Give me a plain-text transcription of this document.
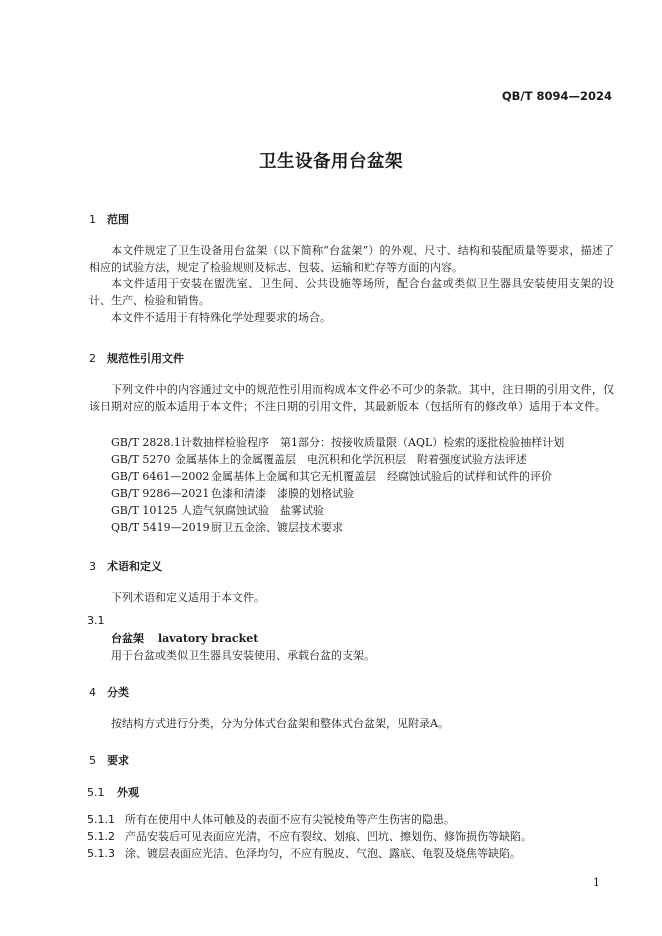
QB/T 8094—2024

卫生设备用台盆架
1 范围

本文件规定了卫生设备用台盆架（以下简称“台盆架”）的外观、尺寸、结构和装配质量等要求，描述了相应的试验方法，规定了检验规则及标志、包装、运输和贮存等方面的内容。

本文件适用于安装在盥洗室、卫生间、公共设施等场所，配合台盆或类似卫生器具安装使用支架的设计、生产、检验和销售。

本文件不适用于有特殊化学处理要求的场合。

2 规范性引用文件

下列文件中的内容通过文中的规范性引用而构成本文件必不可少的条款。其中，注日期的引用文件，仅该日期对应的版本适用于本文件；不注日期的引用文件，其最新版本（包括所有的修改单）适用于本文件。

GB/T 2828.1计数抽样检验程序　第1部分：按接收质量限（AQL）检索的逐批检验抽样计划
GB/T 5270 金属基体上的金属覆盖层　电沉积和化学沉积层　附着强度试验方法评述
GB/T 6461—2002 金属基体上金属和其它无机覆盖层　经腐蚀试验后的试样和试件的评价
GB/T 9286—2021 色漆和清漆　漆膜的划格试验
GB/T 10125 人造气氛腐蚀试验　盐雾试验
QB/T 5419—2019厨卫五金涂、镀层技术要求
3 术语和定义

下列术语和定义适用于本文件。

3.1
台盆架 lavatory bracket
用于台盆或类似卫生器具安装使用、承载台盆的支架。
4 分类

按结构方式进行分类，分为分体式台盆架和整体式台盆架，见附录A。

5 要求
5.1 外观
5.1.1 所有在使用中人体可触及的表面不应有尖锐棱角等产生伤害的隐患。
5.1.2 产品安装后可见表面应光清，不应有裂纹、划痕、凹坑、擦划伤、修饰损伤等缺陷。
5.1.3 涂、镀层表面应光洁、色泽均匀，不应有脱皮、气泡、露底、龟裂及烧焦等缺陷。
1
